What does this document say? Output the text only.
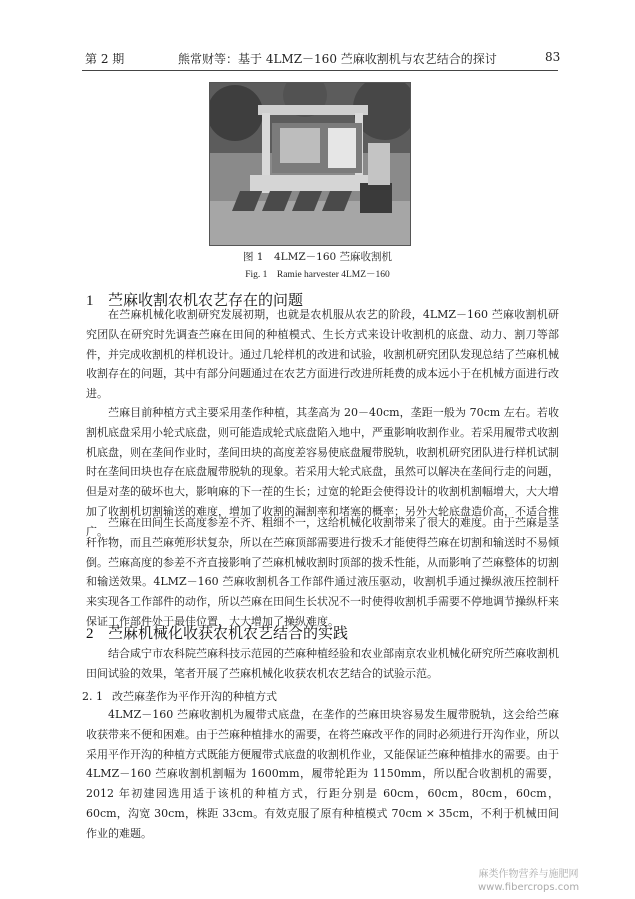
第 2 期	熊常财等：基于 4LMZ－160 苎麻收割机与农艺结合的探讨	83
图 1　4LMZ－160 苎麻收割机
Fig. 1　Ramie harvester 4LMZ－160
1 苎麻收割农机农艺存在的问题

在苎麻机械化收割研究发展初期，也就是农机服从农艺的阶段，4LMZ－160 苎麻收割机研究团队在研究时先调查苎麻在田间的种植模式、生长方式来设计收割机的底盘、动力、割刀等部件，并完成收割机的样机设计。通过几轮样机的改进和试验，收割机研究团队发现总结了苎麻机械收割存在的问题，其中有部分问题通过在农艺方面进行改进所耗费的成本远小于在机械方面进行改进。

苎麻目前种植方式主要采用垄作种植，其垄高为 20－40cm，垄距一般为 70cm 左右。若收割机底盘采用小轮式底盘，则可能造成轮式底盘陷入地中，严重影响收割作业。若采用履带式收割机底盘，则在垄间作业时，垄间田块的高度差容易使底盘履带脱轨，收割机研究团队进行样机试制时在垄间田块也存在底盘履带脱轨的现象。若采用大轮式底盘，虽然可以解决在垄间行走的问题，但是对垄的破坏也大，影响麻的下一茬的生长；过宽的轮距会使得设计的收割机割幅增大，大大增加了收割机切割输送的难度，增加了收割的漏割率和堵塞的概率；另外大轮底盘造价高，不适合推广。

苎麻在田间生长高度参差不齐、粗细不一，这给机械化收割带来了很大的难度。由于苎麻是茎秆作物，而且苎麻蔸形状复杂，所以在苎麻顶部需要进行拨禾才能使得苎麻在切割和输送时不易倾倒。苎麻高度的参差不齐直接影响了苎麻机械收割时顶部的拨禾性能，从而影响了苎麻整体的切割和输送效果。4LMZ－160 苎麻收割机各工作部件通过液压驱动，收割机手通过操纵液压控制杆来实现各工作部件的动作，所以苎麻在田间生长状况不一时使得收割机手需要不停地调节操纵杆来保证工作部件处于最佳位置，大大增加了操纵难度。

2 苎麻机械化收获农机农艺结合的实践

结合咸宁市农科院苎麻科技示范园的苎麻种植经验和农业部南京农业机械化研究所苎麻收割机田间试验的效果，笔者开展了苎麻机械化收获农机农艺结合的试验示范。

2. 1 改苎麻垄作为平作开沟的种植方式

4LMZ－160 苎麻收割机为履带式底盘，在垄作的苎麻田块容易发生履带脱轨，这会给苎麻收获带来不便和困难。由于苎麻种植排水的需要，在将苎麻改平作的同时必须进行开沟作业，所以采用平作开沟的种植方式既能方便履带式底盘的收割机作业，又能保证苎麻种植排水的需要。由于 4LMZ－160 苎麻收割机割幅为 1600mm，履带轮距为 1150mm，所以配合收割机的需要，2012 年初建园选用适于该机的种植方式，行距分别是 60cm，60cm，80cm，60cm，60cm，沟宽 30cm，株距 33cm。有效克服了原有种植模式 70cm × 35cm，不利于机械田间作业的难题。

麻类作物营养与施肥网
www.fibercrops.com
